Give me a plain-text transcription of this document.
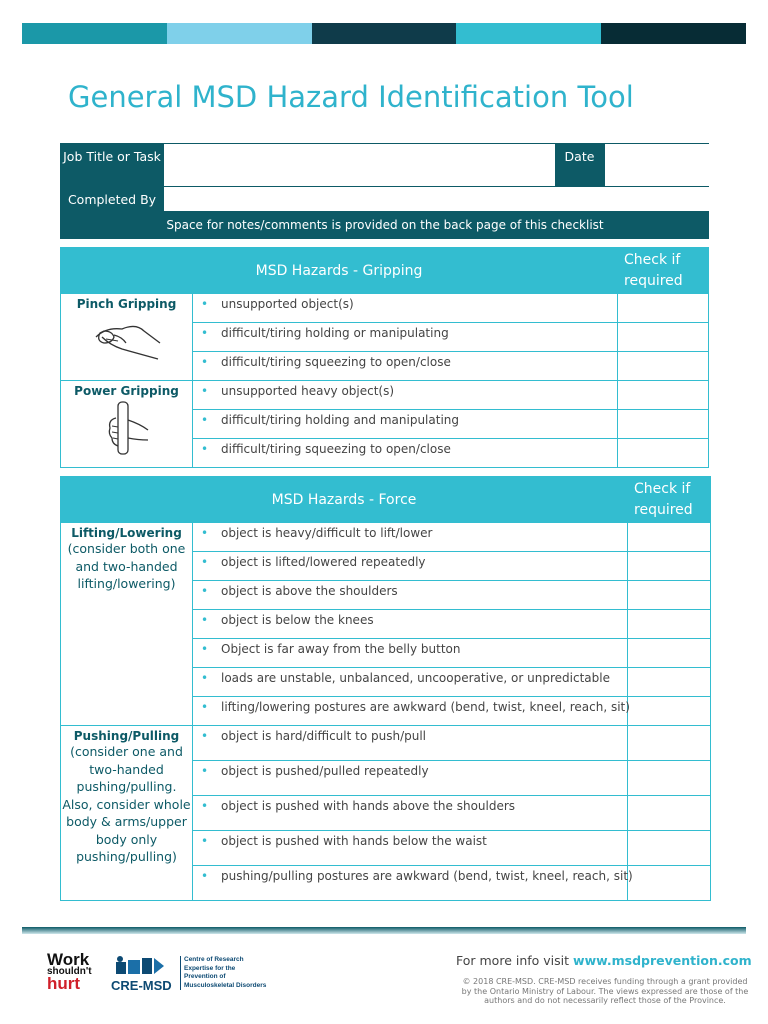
General MSD Hazard Identification Tool
Job Title or Task	Date
Completed By
Space for notes/comments is provided on the back page of this checklist
MSD Hazards - Gripping		Check if required

Pinch Gripping	• unsupported object(s)	
	• difficult/tiring holding or manipulating	
	• difficult/tiring squeezing to open/close	

Power Gripping	• unsupported heavy object(s)	
	• difficult/tiring holding and manipulating	
	• difficult/tiring squeezing to open/close	
MSD Hazards - Force		Check if required

Lifting/Lowering
(consider both one and two-handed lifting/lowering)	• object is heavy/difficult to lift/lower	
	• object is lifted/lowered repeatedly	
	• object is above the shoulders	
	• object is below the knees	
	• Object is far away from the belly button	
	• loads are unstable, unbalanced, uncooperative, or unpredictable	
	• lifting/lowering postures are awkward (bend, twist, kneel, reach, sit)	

Pushing/Pulling
(consider one and two-handed pushing/pulling. Also, consider whole body & arms/upper body only pushing/pulling)	• object is hard/difficult to push/pull	
	• object is pushed/pulled repeatedly	
	• object is pushed with hands above the shoulders	
	• object is pushed with hands below the waist	
	• pushing/pulling postures are awkward (bend, twist, kneel, reach, sit)	
Work
shouldn't
hurt	CRE-MSD
Centre of Research
Expertise for the
Prevention of
Musculoskeletal Disorders
For more info visit www.msdprevention.com
© 2018 CRE-MSD. CRE-MSD receives funding through a grant provided by the Ontario Ministry of Labour. The views expressed are those of the authors and do not necessarily reflect those of the Province.
